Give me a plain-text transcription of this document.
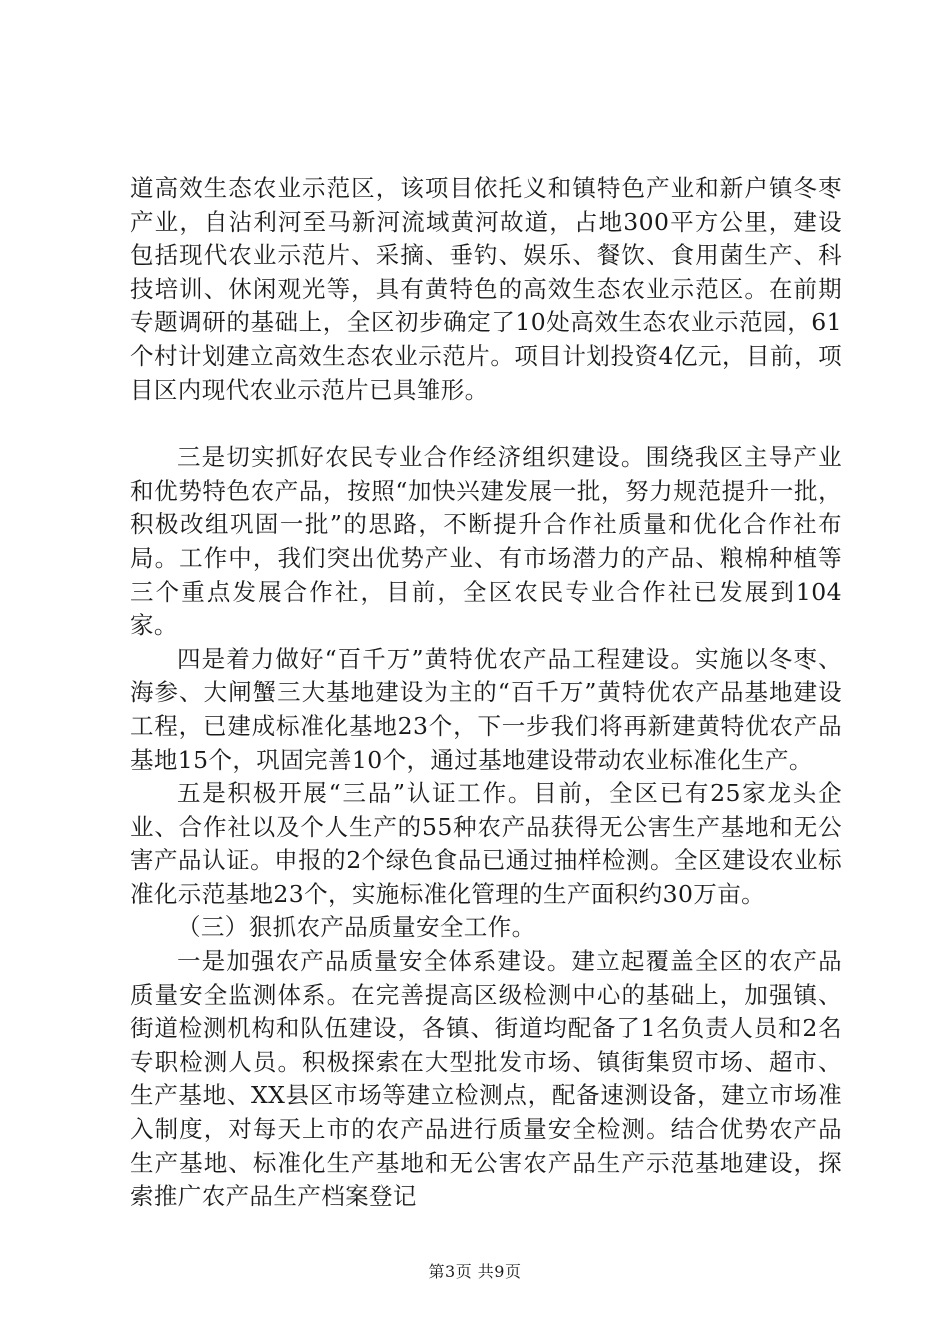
道高效生态农业示范区，该项目依托义和镇特色产业和新户镇冬枣产业，自沾利河至马新河流域黄河故道，占地300平方公里，建设包括现代农业示范片、采摘、垂钓、娱乐、餐饮、食用菌生产、科技培训、休闲观光等，具有黄特色的高效生态农业示范区。在前期专题调研的基础上，全区初步确定了10处高效生态农业示范园，61个村计划建立高效生态农业示范片。项目计划投资4亿元，目前，项目区内现代农业示范片已具雏形。

三是切实抓好农民专业合作经济组织建设。围绕我区主导产业和优势特色农产品，按照“加快兴建发展一批，努力规范提升一批，积极改组巩固一批”的思路，不断提升合作社质量和优化合作社布局。工作中，我们突出优势产业、有市场潜力的产品、粮棉种植等三个重点发展合作社，目前，全区农民专业合作社已发展到104家。

四是着力做好“百千万”黄特优农产品工程建设。实施以冬枣、海参、大闸蟹三大基地建设为主的“百千万”黄特优农产品基地建设工程，已建成标准化基地23个，下一步我们将再新建黄特优农产品基地15个，巩固完善10个，通过基地建设带动农业标准化生产。

五是积极开展“三品”认证工作。目前，全区已有25家龙头企业、合作社以及个人生产的55种农产品获得无公害生产基地和无公害产品认证。申报的2个绿色食品已通过抽样检测。全区建设农业标准化示范基地23个，实施标准化管理的生产面积约30万亩。

（三）狠抓农产品质量安全工作。

一是加强农产品质量安全体系建设。建立起覆盖全区的农产品质量安全监测体系。在完善提高区级检测中心的基础上，加强镇、街道检测机构和队伍建设，各镇、街道均配备了1名负责人员和2名专职检测人员。积极探索在大型批发市场、镇街集贸市场、超市、生产基地、XX县区市场等建立检测点，配备速测设备，建立市场准入制度，对每天上市的农产品进行质量安全检测。结合优势农产品生产基地、标准化生产基地和无公害农产品生产示范基地建设，探索推广农产品生产档案登记

第3页 共9页
